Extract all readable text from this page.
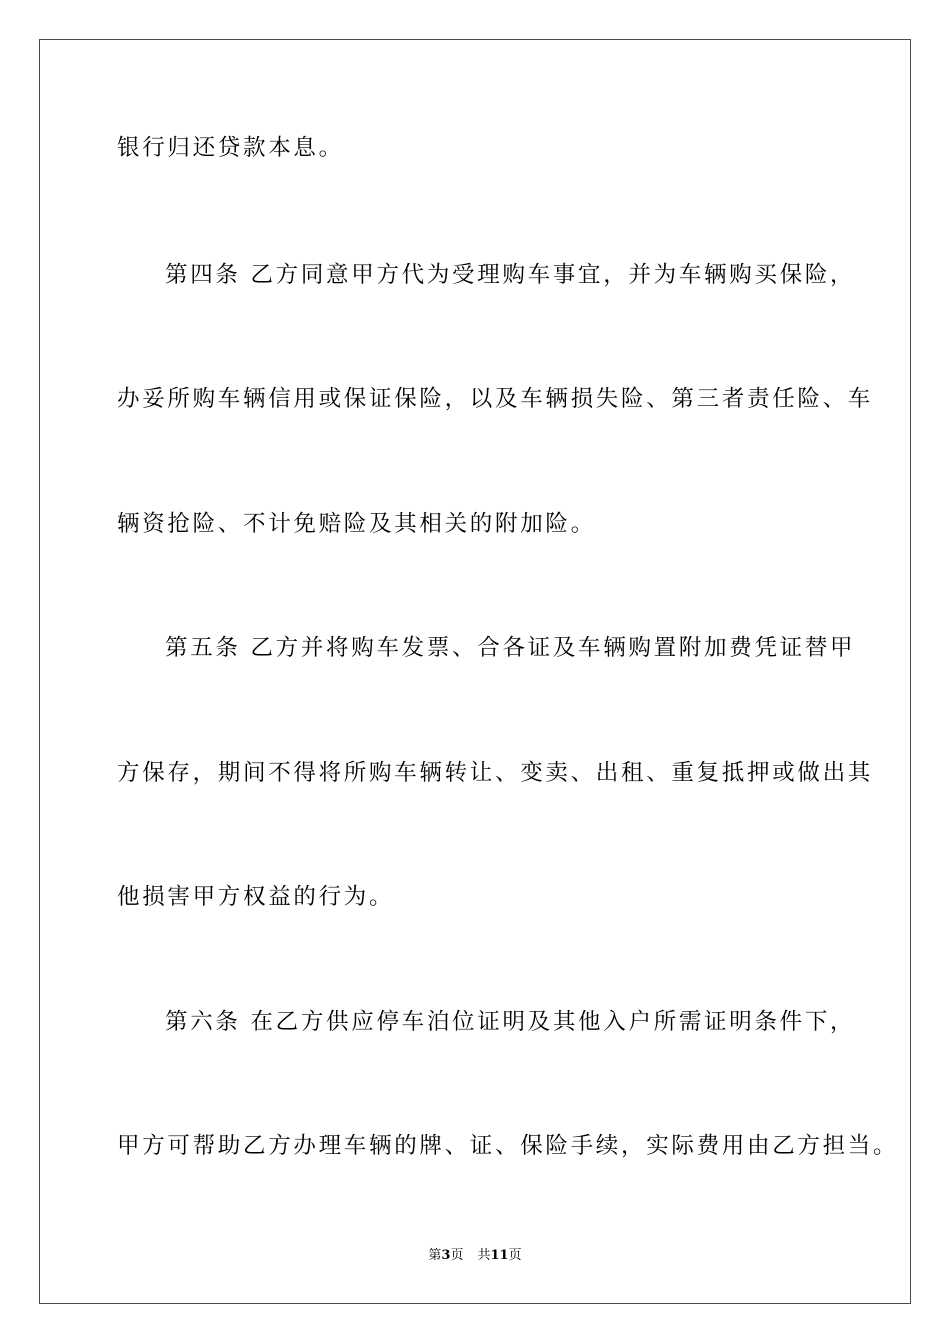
银行归还贷款本息。
第四条 乙方同意甲方代为受理购车事宜，并为车辆购买保险，
办妥所购车辆信用或保证保险，以及车辆损失险、第三者责任险、车
辆资抢险、不计免赔险及其相关的附加险。
第五条 乙方并将购车发票、合各证及车辆购置附加费凭证替甲
方保存，期间不得将所购车辆转让、变卖、出租、重复抵押或做出其
他损害甲方权益的行为。
第六条 在乙方供应停车泊位证明及其他入户所需证明条件下，
甲方可帮助乙方办理车辆的牌、证、保险手续，实际费用由乙方担当。
第3页 共11页
